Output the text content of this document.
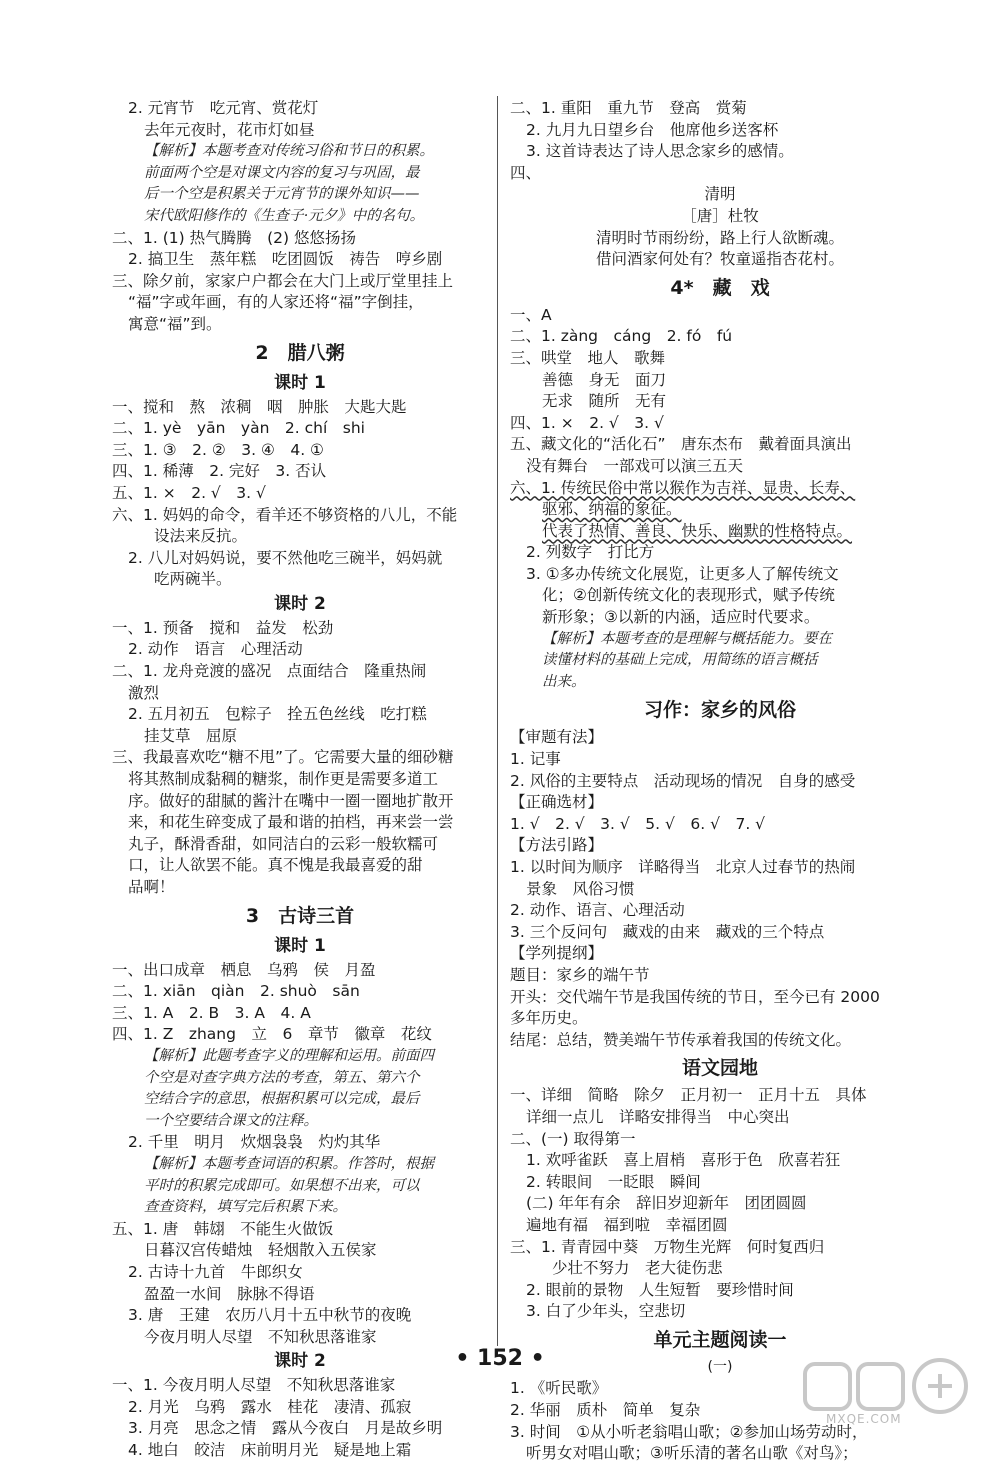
2. 元宵节　吃元宵、赏花灯
去年元夜时，花市灯如昼
【解析】本题考查对传统习俗和节日的积累。
前面两个空是对课文内容的复习与巩固，最
后一个空是积累关于元宵节的课外知识——
宋代欧阳修作的《生查子·元夕》中的名句。
二、1. (1) 热气腾腾　(2) 悠悠扬扬
2. 搞卫生　蒸年糕　吃团圆饭　祷告　哼乡剧
三、除夕前，家家户户都会在大门上或厅堂里挂上
“福”字或年画，有的人家还将“福”字倒挂，
寓意“福”到。
2　腊八粥
课时 1
一、搅和　熬　浓稠　咽　肿胀　大匙大匙
二、1. yè　yān　yàn　2. chí　shi
三、1. ③　2. ②　3. ④　4. ①
四、1. 稀薄　2. 完好　3. 否认
五、1. ×　2. √　3. √
六、1. 妈妈的命令，看羊还不够资格的八儿，不能
设法来反抗。
2. 八儿对妈妈说，要不然他吃三碗半，妈妈就
吃两碗半。
课时 2
一、1. 预备　搅和　益发　松劲
2. 动作　语言　心理活动
二、1. 龙舟竞渡的盛况　点面结合　隆重热闹
激烈
2. 五月初五　包粽子　拴五色丝线　吃打糕
挂艾草　屈原
三、我最喜欢吃“糖不甩”了。它需要大量的细砂糖
将其熬制成黏稠的糖浆，制作更是需要多道工
序。做好的甜腻的酱汁在嘴中一圈一圈地扩散开
来，和花生碎变成了最和谐的拍档，再来尝一尝
丸子，酥滑香甜，如同洁白的云彩一般软糯可
口，让人欲罢不能。真不愧是我最喜爱的甜
品啊！
3　古诗三首
课时 1
一、出口成章　栖息　乌鸦　侯　月盈
二、1. xiān　qiàn　2. shuò　sān
三、1. A　2. B　3. A　4. A
四、1. Z　zhang　立　6　章节　徽章　花纹
【解析】此题考查字义的理解和运用。前面四
个空是对查字典方法的考查，第五、第六个
空结合字的意思，根据积累可以完成，最后
一个空要结合课文的注释。
2. 千里　明月　炊烟袅袅　灼灼其华
【解析】本题考查词语的积累。作答时，根据
平时的积累完成即可。如果想不出来，可以
查查资料，填写完后积累下来。
五、1. 唐　韩翃　不能生火做饭
日暮汉宫传蜡烛　轻烟散入五侯家
2. 古诗十九首　牛郎织女
盈盈一水间　脉脉不得语
3. 唐　王建　农历八月十五中秋节的夜晚
今夜月明人尽望　不知秋思落谁家
课时 2
一、1. 今夜月明人尽望　不知秋思落谁家
2. 月光　乌鸦　露水　桂花　凄清、孤寂
3. 月亮　思念之情　露从今夜白　月是故乡明
4. 地白　皎洁　床前明月光　疑是地上霜
二、1. 重阳　重九节　登高　赏菊
2. 九月九日望乡台　他席他乡送客杯
3. 这首诗表达了诗人思念家乡的感情。
四、
清明
［唐］杜牧
清明时节雨纷纷，路上行人欲断魂。
借问酒家何处有？牧童遥指杏花村。
4*　藏　戏
一、A
二、1. zàng　cáng　2. fó　fú
三、哄堂　地人　歌舞
善德　身无　面刀
无求　随所　无有
四、1. ×　2. √　3. √
五、藏文化的“活化石”　唐东杰布　戴着面具演出
没有舞台　一部戏可以演三五天
六、1. 传统民俗中常以猴作为吉祥、显贵、长寿、
驱邪、纳福的象征。
代表了热情、善良、快乐、幽默的性格特点。
2. 列数字　打比方
3. ①多办传统文化展览，让更多人了解传统文
化；②创新传统文化的表现形式，赋予传统
新形象；③以新的内涵，适应时代要求。
【解析】本题考查的是理解与概括能力。要在
读懂材料的基础上完成，用简练的语言概括
出来。
习作：家乡的风俗
【审题有法】
1. 记事
2. 风俗的主要特点　活动现场的情况　自身的感受
【正确选材】
1. √　2. √　3. √　5. √　6. √　7. √
【方法引路】
1. 以时间为顺序　详略得当　北京人过春节的热闹
景象　风俗习惯
2. 动作、语言、心理活动
3. 三个反问句　藏戏的由来　藏戏的三个特点
【学列提纲】
题目：家乡的端午节
开头：交代端午节是我国传统的节日，至今已有 2000
多年历史。
结尾：总结，赞美端午节传承着我国的传统文化。
语文园地
一、详细　简略　除夕　正月初一　正月十五　具体
详细一点儿　详略安排得当　中心突出
二、(一) 取得第一
1. 欢呼雀跃　喜上眉梢　喜形于色　欣喜若狂
2. 转眼间　一眨眼　瞬间
(二) 年年有余　辞旧岁迎新年　团团圆圆
遍地有福　福到啦　幸福团圆
三、1. 青青园中葵　万物生光辉　何时复西归
少壮不努力　老大徒伤悲
2. 眼前的景物　人生短暂　要珍惜时间
3. 白了少年头，空悲切
单元主题阅读一
(一)
1. 《听民歌》
2. 华丽　质朴　简单　复杂
3. 时间　①从小听老翁唱山歌；②参加山场劳动时，
听男女对唱山歌；③听乐清的著名山歌《对鸟》；
• 152 •
MXQE.COM
